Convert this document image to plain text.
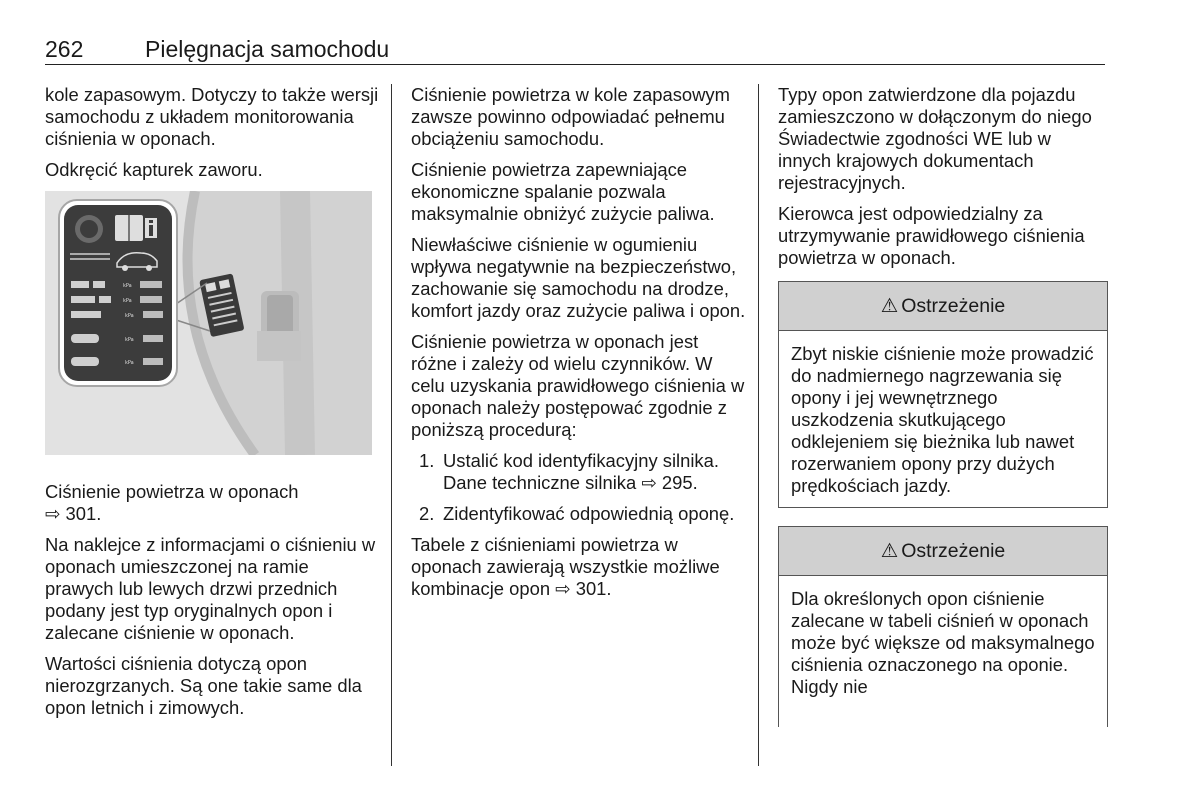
262	Pielęgnacja samochodu

kole zapasowym. Dotyczy to także wersji samochodu z układem monitorowania ciśnienia w oponach.

Odkręcić kapturek zaworu.

kPa
kPa
kPa
kPa
kPa

Ciśnienie powietrza w oponach
⇨ 301.

Na naklejce z informacjami o ciśnieniu w oponach umieszczonej na ramie prawych lub lewych drzwi przednich podany jest typ oryginalnych opon i zalecane ciśnienie w oponach.

Wartości ciśnienia dotyczą opon nierozgrzanych. Są one takie same dla opon letnich i zimowych.

Ciśnienie powietrza w kole zapasowym zawsze powinno odpowiadać pełnemu obciążeniu samochodu.

Ciśnienie powietrza zapewniające ekonomiczne spalanie pozwala maksymalnie obniżyć zużycie paliwa.

Niewłaściwe ciśnienie w ogumieniu wpływa negatywnie na bezpieczeństwo, zachowanie się samochodu na drodze, komfort jazdy oraz zużycie paliwa i opon.

Ciśnienie powietrza w oponach jest różne i zależy od wielu czynników. W celu uzyskania prawidłowego ciśnienia w oponach należy postępować zgodnie z poniższą procedurą:

1. Ustalić kod identyfikacyjny silnika. Dane techniczne silnika ⇨ 295.
2. Zidentyfikować odpowiednią oponę.

Tabele z ciśnieniami powietrza w oponach zawierają wszystkie możliwe kombinacje opon ⇨ 301.

Typy opon zatwierdzone dla pojazdu zamieszczono w dołączonym do niego Świadectwie zgodności WE lub w innych krajowych dokumentach rejestracyjnych.

Kierowca jest odpowiedzialny za utrzymywanie prawidłowego ciśnienia powietrza w oponach.

⚠ Ostrzeżenie
Zbyt niskie ciśnienie może prowadzić do nadmiernego nagrzewania się opony i jej wewnętrznego uszkodzenia skutkującego odklejeniem się bieżnika lub nawet rozerwaniem opony przy dużych prędkościach jazdy.
⚠ Ostrzeżenie
Dla określonych opon ciśnienie zalecane w tabeli ciśnień w oponach może być większe od maksymalnego ciśnienia oznaczonego na oponie. Nigdy nie
